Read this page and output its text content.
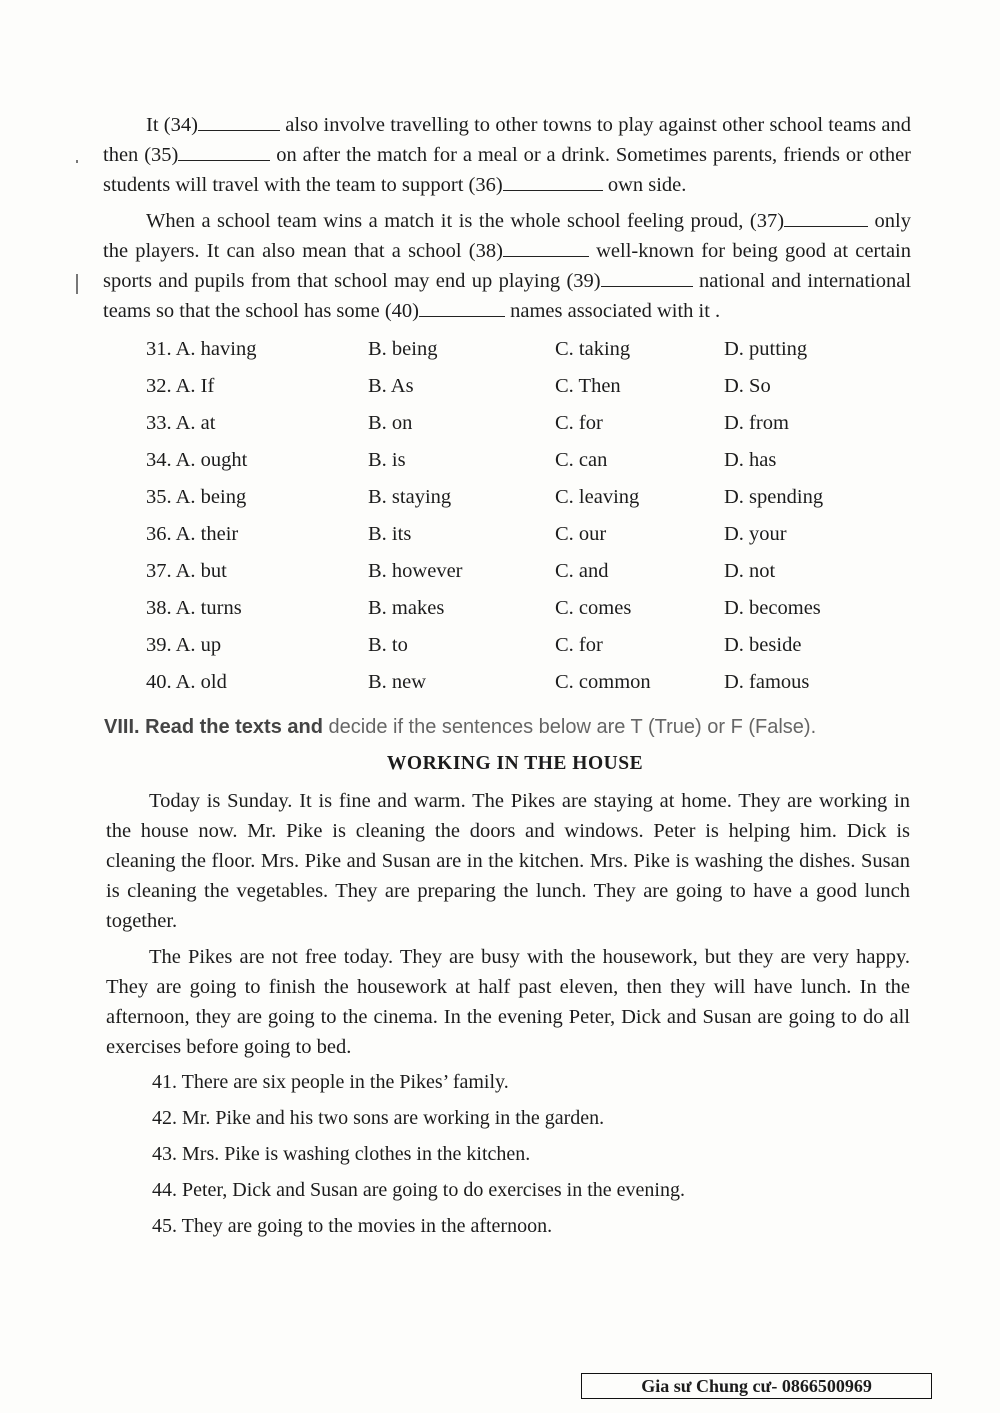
It (34)	also involve travelling to other towns to play against other school teams and then (35)	on after the match for a meal or a drink. Sometimes parents, friends or other students will travel with the team to support (36)	own side.

When a school team wins a match it is the whole school feeling proud, (37)	only the players. It can also mean that a school (38)	well-known for being good at certain sports and pupils from that school may end up playing (39)	national and international teams so that the school has some (40)	names associated with it .

31. A. having	B. being	C. taking	D. putting
32. A. If	B. As	C. Then	D. So
33. A. at	B. on	C. for	D. from
34. A. ought	B. is	C. can	D. has
35. A. being	B. staying	C. leaving	D. spending
36. A. their	B. its	C. our	D. your
37. A. but	B. however	C. and	D. not
38. A. turns	B. makes	C. comes	D. becomes
39. A. up	B. to	C. for	D. beside
40. A. old	B. new	C. common	D. famous

VIII. Read the texts and decide if the sentences below are T (True) or F (False).

WORKING IN THE HOUSE

Today is Sunday. It is fine and warm. The Pikes are staying at home. They are working in the house now. Mr. Pike is cleaning the doors and windows. Peter is helping him. Dick is cleaning the floor. Mrs. Pike and Susan are in the kitchen. Mrs. Pike is washing the dishes. Susan is cleaning the vegetables. They are preparing the lunch. They are going to have a good lunch together.

The Pikes are not free today. They are busy with the housework, but they are very happy. They are going to finish the housework at half past eleven, then they will have lunch. In the afternoon, they are going to the cinema. In the evening Peter, Dick and Susan are going to do all exercises before going to bed.

41. There are six people in the Pikes’ family.
42. Mr. Pike and his two sons are working in the garden.
43. Mrs. Pike is washing clothes in the kitchen.
44. Peter, Dick and Susan are going to do exercises in the evening.
45. They are going to the movies in the afternoon.
Gia sư Chung cư- 0866500969
